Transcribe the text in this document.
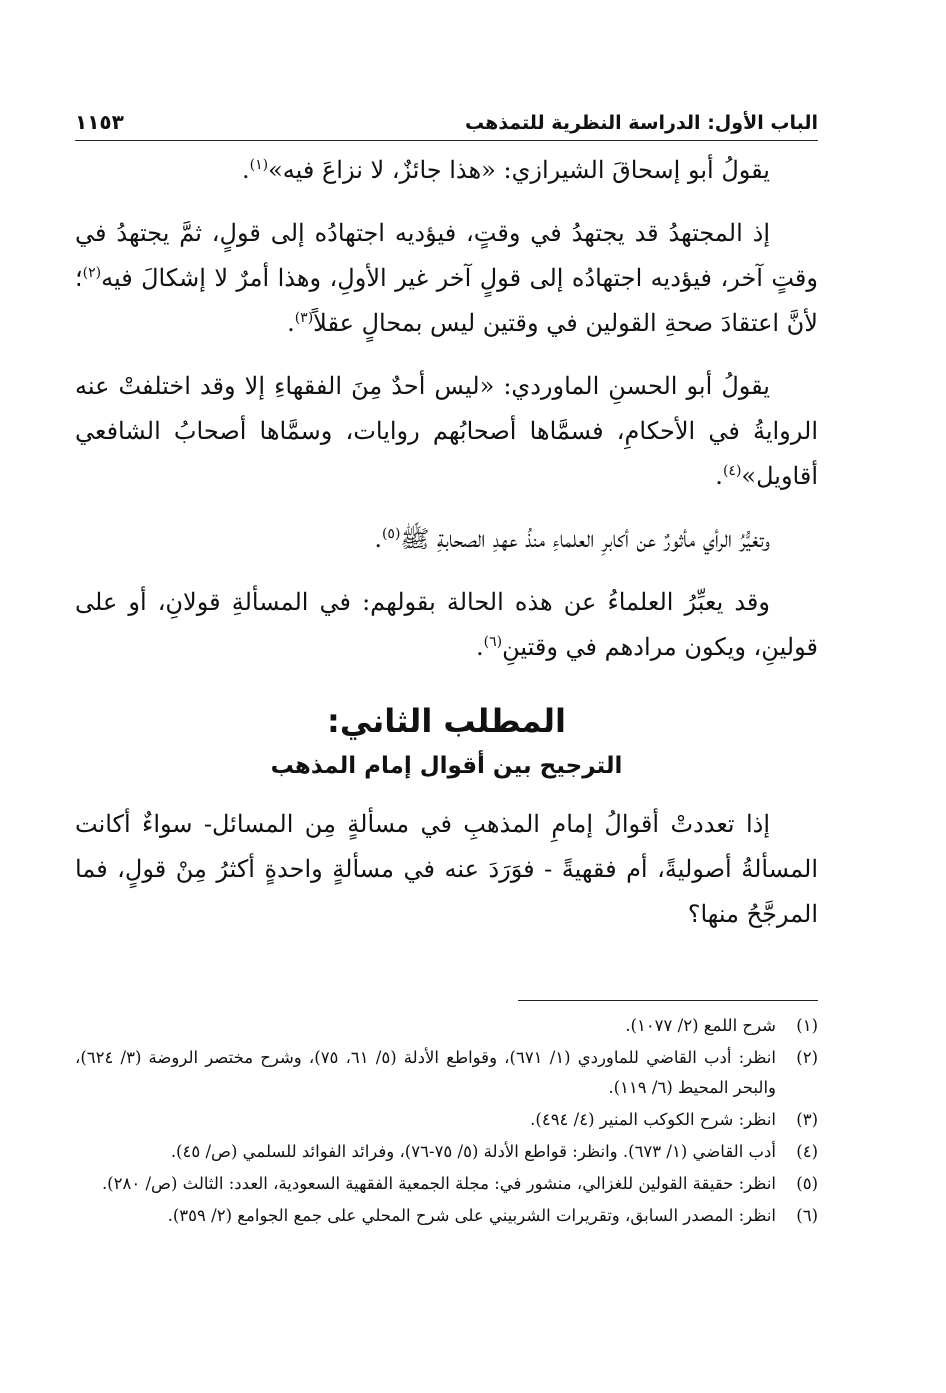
١١٥٣	الباب الأول: الدراسة النظرية للتمذهب

يقولُ أبو إسحاقَ الشيرازي: «هذا جائزٌ، لا نزاعَ فيه»$^{(١)}$.

إذ المجتهدُ قد يجتهدُ في وقتٍ، فيؤديه اجتهادُه إلى قولٍ، ثمَّ يجتهدُ في وقتٍ آخر، فيؤديه اجتهادُه إلى قولٍ آخر غير الأولِ، وهذا أمرٌ لا إشكالَ فيه$^{(٢)}$؛ لأنَّ اعتقادَ صحةِ القولين في وقتين ليس بمحالٍ عقلاً$^{(٣)}$.

يقولُ أبو الحسنِ الماوردي: «ليس أحدٌ مِنَ الفقهاءِ إلا وقد اختلفتْ عنه الروايةُ في الأحكامِ، فسمَّاها أصحابُهم روايات، وسمَّاها أصحابُ الشافعي أقاويل»$^{(٤)}$.

وتغيُّرُ الرأي مأثورٌ عن أكابرِ العلماءِ منذُ عهدِ الصحابةِ ﷺ$^{(٥)}$.

وقد يعبِّرُ العلماءُ عن هذه الحالة بقولهم: في المسألةِ قولانِ، أو على قولينِ، ويكون مرادهم في وقتينِ$^{(٦)}$.

المطلب الثاني:
الترجيح بين أقوال إمام المذهب

إذا تعددتْ أقوالُ إمامِ المذهبِ في مسألةٍ مِن المسائل- سواءٌ أكانت المسألةُ أصوليةً، أم فقهيةً - فوَرَدَ عنه في مسألةٍ واحدةٍ أكثرُ مِنْ قولٍ، فما المرجَّحُ منها؟

(١)
شرح اللمع (٢/ ١٠٧٧).
(٢)
انظر: أدب القاضي للماوردي (١/ ٦٧١)، وقواطع الأدلة (٥/ ٦١، ٧٥)، وشرح مختصر الروضة (٣/ ٦٢٤)، والبحر المحيط (٦/ ١١٩).
(٣)
انظر: شرح الكوكب المنير (٤/ ٤٩٤).
(٤)
أدب القاضي (١/ ٦٧٣). وانظر: قواطع الأدلة (٥/ ٧٥-٧٦)، وفرائد الفوائد للسلمي (ص/ ٤٥).
(٥)
انظر: حقيقة القولين للغزالي، منشور في: مجلة الجمعية الفقهية السعودية، العدد: الثالث (ص/ ٢٨٠).
(٦)
انظر: المصدر السابق، وتقريرات الشربيني على شرح المحلي على جمع الجوامع (٢/ ٣٥٩).
